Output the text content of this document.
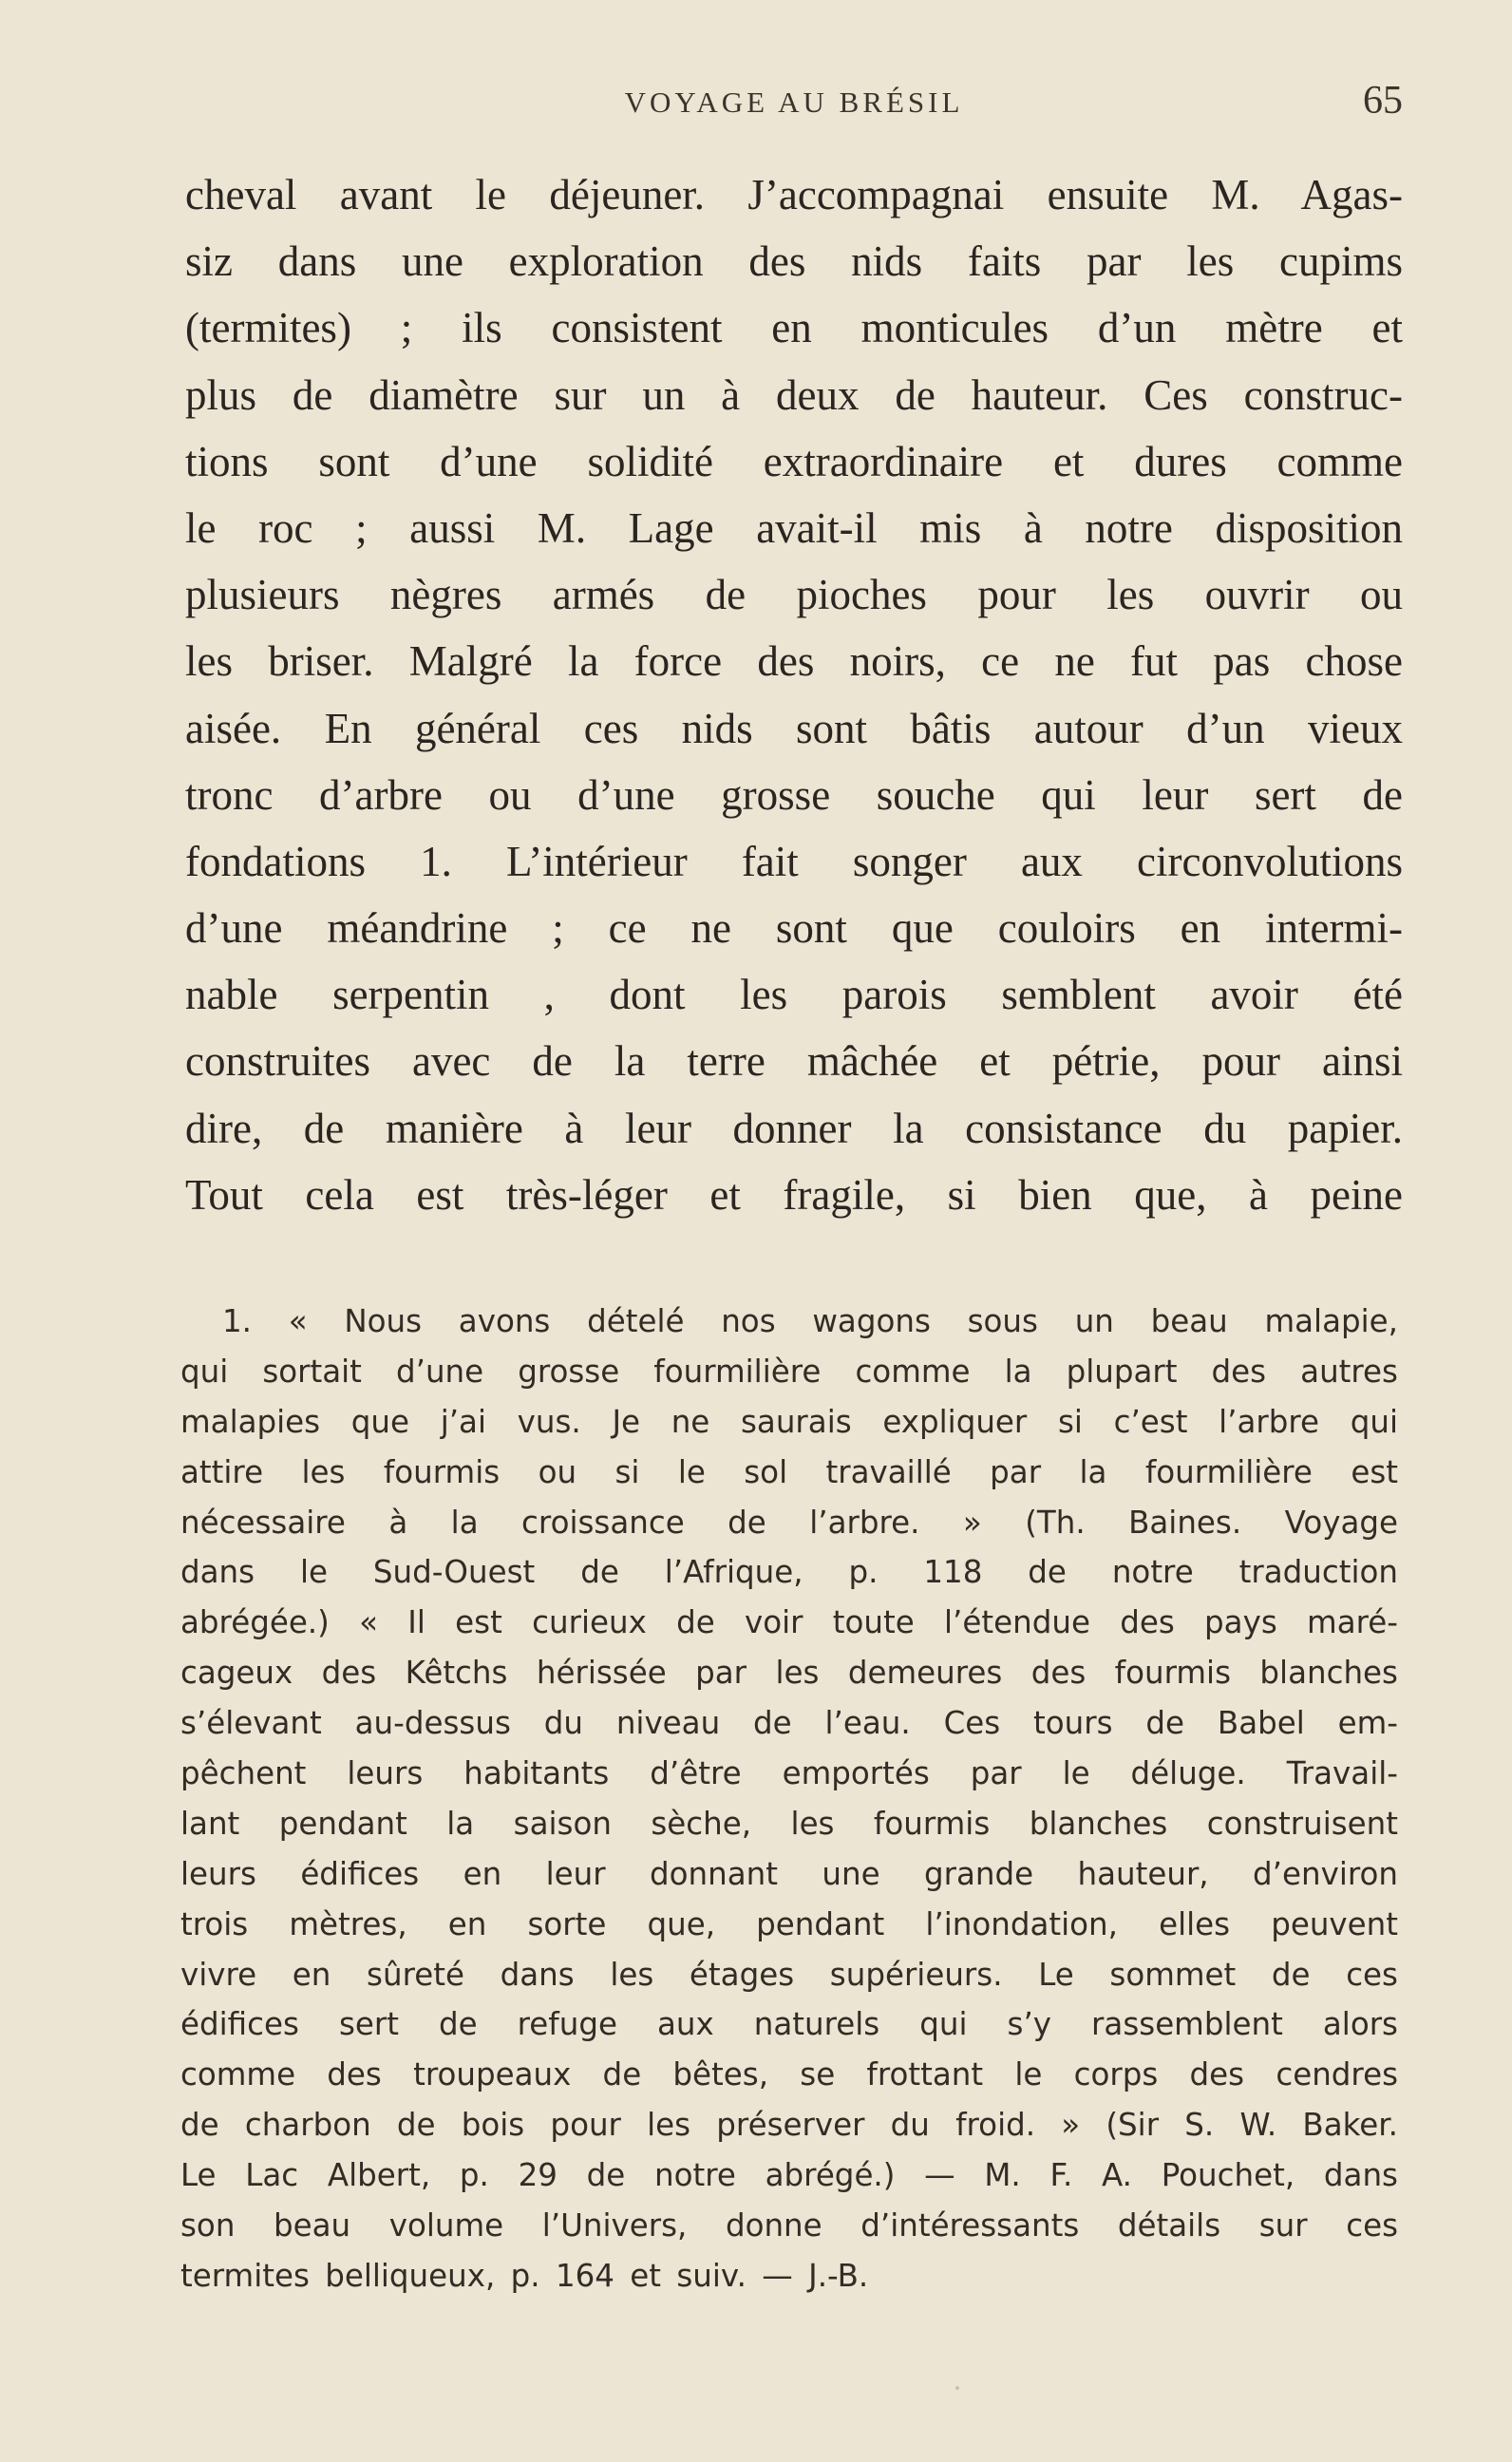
VOYAGE AU BRÉSIL	65
cheval avant le déjeuner. J’accompagnai ensuite M. Agas-
siz dans une exploration des nids faits par les cupims
(termites) ; ils consistent en monticules d’un mètre et
plus de diamètre sur un à deux de hauteur. Ces construc-
tions sont d’une solidité extraordinaire et dures comme
le roc ; aussi M. Lage avait-il mis à notre disposition
plusieurs nègres armés de pioches pour les ouvrir ou
les briser. Malgré la force des noirs, ce ne fut pas chose
aisée. En général ces nids sont bâtis autour d’un vieux
tronc d’arbre ou d’une grosse souche qui leur sert de
fondations 1. L’intérieur fait songer aux circonvolutions
d’une méandrine ; ce ne sont que couloirs en intermi-
nable serpentin , dont les parois semblent avoir été
construites avec de la terre mâchée et pétrie, pour ainsi
dire, de manière à leur donner la consistance du papier.
Tout cela est très-léger et fragile, si bien que, à peine
1. « Nous avons dételé nos wagons sous un beau malapie,
qui sortait d’une grosse fourmilière comme la plupart des autres
malapies que j’ai vus. Je ne saurais expliquer si c’est l’arbre qui
attire les fourmis ou si le sol travaillé par la fourmilière est
nécessaire à la croissance de l’arbre. » (Th. Baines. Voyage
dans le Sud-Ouest de l’Afrique, p. 118 de notre traduction
abrégée.) « Il est curieux de voir toute l’étendue des pays maré-
cageux des Kêtchs hérissée par les demeures des fourmis blanches
s’élevant au-dessus du niveau de l’eau. Ces tours de Babel em-
pêchent leurs habitants d’être emportés par le déluge. Travail-
lant pendant la saison sèche, les fourmis blanches construisent
leurs édifices en leur donnant une grande hauteur, d’environ
trois mètres, en sorte que, pendant l’inondation, elles peuvent
vivre en sûreté dans les étages supérieurs. Le sommet de ces
édifices sert de refuge aux naturels qui s’y rassemblent alors
comme des troupeaux de bêtes, se frottant le corps des cendres
de charbon de bois pour les préserver du froid. » (Sir S. W. Baker.
Le Lac Albert, p. 29 de notre abrégé.) — M. F. A. Pouchet, dans
son beau volume l’Univers, donne d’intéressants détails sur ces
termites belliqueux, p. 164 et suiv. — J.-B.
